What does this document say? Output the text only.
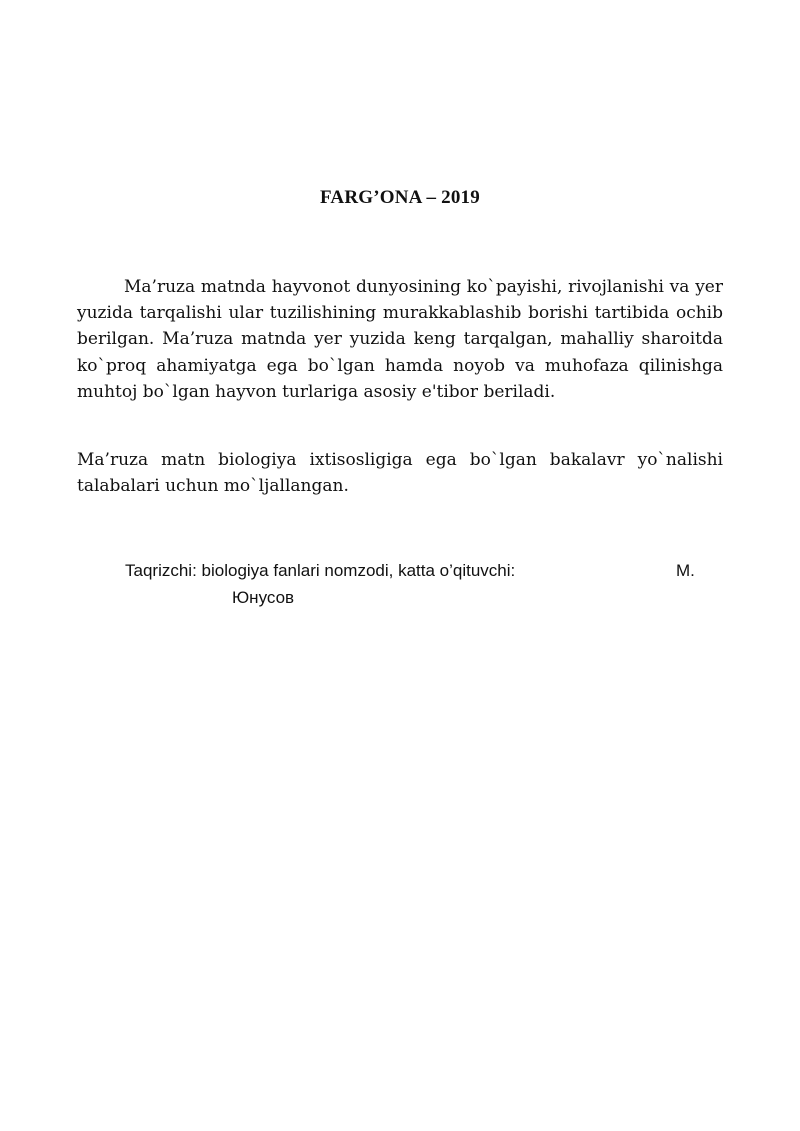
FARG’ONA – 2019

Ma’ruza matnda hayvonot dunyosining ko`payishi, rivojlanishi va yer yuzida tarqalishi ular tuzilishining murakkablashib borishi tartibida ochib berilgan. Ma’ruza matnda yer yuzida keng tarqalgan, mahalliy sharoitda ko`proq ahamiyatga ega bo`lgan hamda noyob va muhofaza qilinishga muhtoj bo`lgan hayvon turlariga asosiy e'tibor beriladi.

Ma’ruza matn biologiya ixtisosligiga ega bo`lgan bakalavr yo`nalishi talabalari uchun mo`ljallangan.

Taqrizchi: biologiya fanlari nomzodi, katta o’qituvchi:	M.
Юнусов
